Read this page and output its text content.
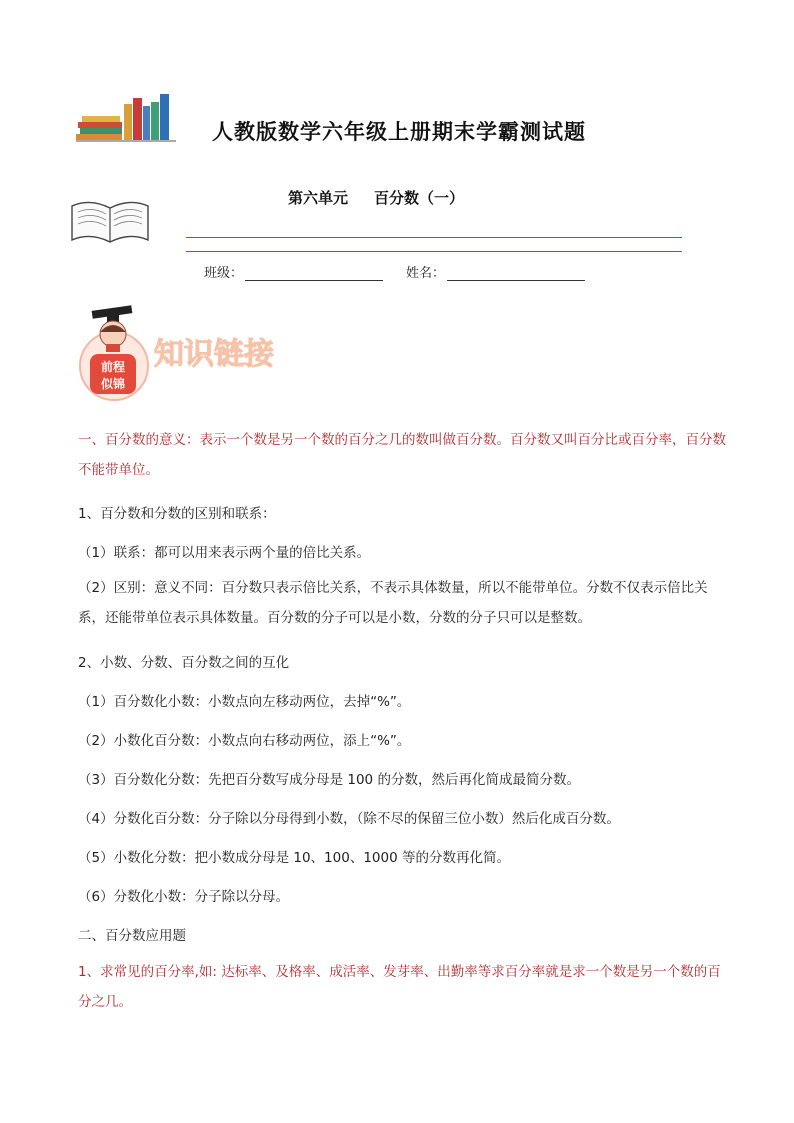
人教版数学六年级上册期末学霸测试题
第六单元 百分数（一）
班级：	姓名：
前程
似锦
知识链接
一、百分数的意义：表示一个数是另一个数的百分之几的数叫做百分数。百分数又叫百分比或百分率，百分数不能带单位。
1、百分数和分数的区别和联系：
（1）联系：都可以用来表示两个量的倍比关系。
（2）区别：意义不同：百分数只表示倍比关系，不表示具体数量，所以不能带单位。分数不仅表示倍比关系，还能带单位表示具体数量。百分数的分子可以是小数，分数的分子只可以是整数。
2、小数、分数、百分数之间的互化
（1）百分数化小数：小数点向左移动两位，去掉“%”。
（2）小数化百分数：小数点向右移动两位，添上“%”。
（3）百分数化分数：先把百分数写成分母是 100 的分数，然后再化简成最简分数。
（4）分数化百分数：分子除以分母得到小数，（除不尽的保留三位小数）然后化成百分数。
（5）小数化分数：把小数成分母是 10、100、1000 等的分数再化简。
（6）分数化小数：分子除以分母。
二、百分数应用题
1、求常见的百分率,如: 达标率、及格率、成活率、发芽率、出勤率等求百分率就是求一个数是另一个数的百分之几。
